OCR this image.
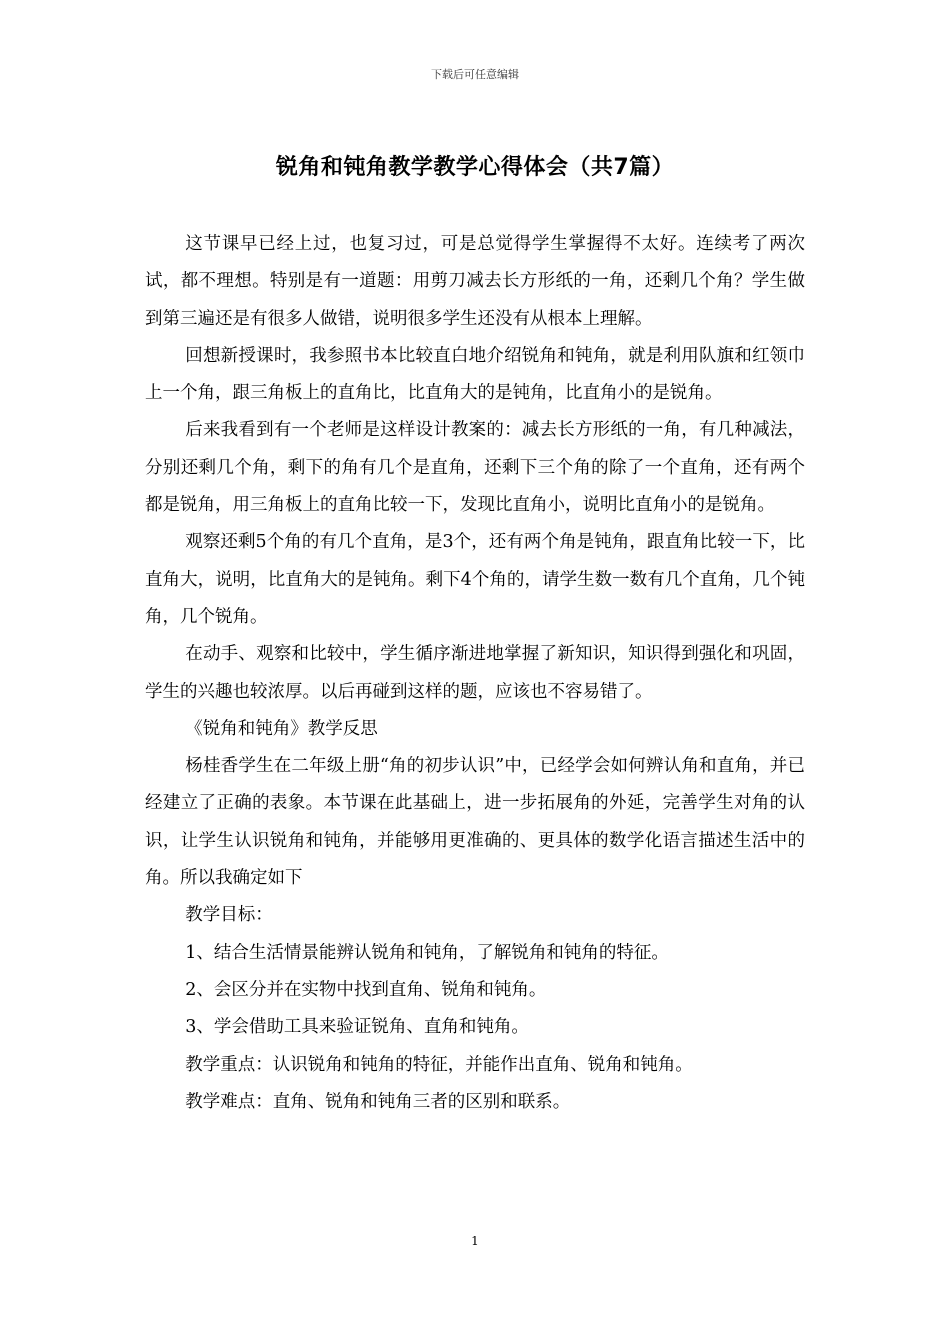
下载后可任意编辑
锐角和钝角教学教学心得体会（共7篇）

这节课早已经上过，也复习过，可是总觉得学生掌握得不太好。连续考了两次试，都不理想。特别是有一道题：用剪刀减去长方形纸的一角，还剩几个角？学生做到第三遍还是有很多人做错，说明很多学生还没有从根本上理解。

回想新授课时，我参照书本比较直白地介绍锐角和钝角，就是利用队旗和红领巾上一个角，跟三角板上的直角比，比直角大的是钝角，比直角小的是锐角。

后来我看到有一个老师是这样设计教案的：减去长方形纸的一角，有几种减法，分别还剩几个角，剩下的角有几个是直角，还剩下三个角的除了一个直角，还有两个都是锐角，用三角板上的直角比较一下，发现比直角小，说明比直角小的是锐角。

观察还剩5个角的有几个直角，是3个，还有两个角是钝角，跟直角比较一下，比直角大，说明，比直角大的是钝角。剩下4个角的，请学生数一数有几个直角，几个钝角，几个锐角。

在动手、观察和比较中，学生循序渐进地掌握了新知识，知识得到强化和巩固，学生的兴趣也较浓厚。以后再碰到这样的题，应该也不容易错了。

《锐角和钝角》教学反思

杨桂香学生在二年级上册“角的初步认识”中，已经学会如何辨认角和直角，并已经建立了正确的表象。本节课在此基础上，进一步拓展角的外延，完善学生对角的认识，让学生认识锐角和钝角，并能够用更准确的、更具体的数学化语言描述生活中的角。所以我确定如下

教学目标：

1、结合生活情景能辨认锐角和钝角，了解锐角和钝角的特征。

2、会区分并在实物中找到直角、锐角和钝角。

3、学会借助工具来验证锐角、直角和钝角。

教学重点：认识锐角和钝角的特征，并能作出直角、锐角和钝角。

教学难点：直角、锐角和钝角三者的区别和联系。

1
